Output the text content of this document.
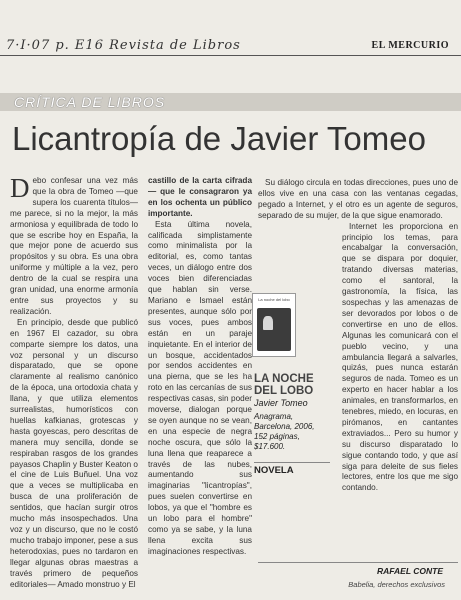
7·I·07 p. E16 Revista de Libros	EL MERCURIO
CRÍTICA DE LIBROS
Licantropía de Javier Tomeo

Debo confesar una vez más que la obra de Tomeo —que supera los cuarenta títulos— me parece, si no la mejor, la más armoniosa y equilibrada de todo lo que se escribe hoy en España, la que mejor pone de acuerdo sus propósitos y su obra. Es una obra uniforme y múltiple a la vez, pero dentro de la cual se respira una gran unidad, una enorme armonía entre sus proyectos y su realización.

En principio, desde que publicó en 1967 El cazador, su obra comparte siempre los datos, una voz personal y un discurso disparatado, que se opone claramente al realismo canónico de la época, una ortodoxia chata y llana, y que utiliza elementos surrealistas, humorísticos con huellas kafkianas, grotescas y hasta goyescas, pero descritas de manera muy sencilla, donde se respiraban rasgos de los grandes payasos Chaplin y Buster Keaton o el cine de Luis Buñuel. Una voz que a veces se multiplicaba en busca de una proliferación de sentidos, que hacían surgir otros mucho más insospechados. Una voz y un discurso, que no le costó mucho trabajo imponer, pese a sus heterodoxias, pues no tardaron en llegar algunas obras maestras a través primero de pequeños editoriales— Amado monstruo y El

castillo de la carta cifrada— que le consagraron ya en los ochenta un público importante.

Esta última novela, calificada simplistamente como minimalista por la editorial, es, como tantas veces, un diálogo entre dos voces bien diferenciadas que hablan sin verse. Mariano e Ismael están presentes, aunque sólo por sus voces, pues ambos están en un paraje inquietante. En el interior de un bosque, accidentados por sendos accidentes en una pierna, que se les ha roto en las cercanías de sus respectivas casas, sin poder moverse, dialogan porque se oyen aunque no se vean, en una especie de negra noche oscura, que sólo la luna llena que reaparece a través de las nubes, aumentando sus imaginarias "licantropías", pues suelen convertirse en lobos, ya que el "hombre es un lobo para el hombre" como ya se sabe, y la luna llena excita sus imaginaciones respectivas.

La noche del lobo
LA NOCHE DEL LOBO
Javier Tomeo
Anagrama, Barcelona, 2006, 152 páginas, $17.600.
NOVELA

Su diálogo circula en todas direcciones, pues uno de ellos vive en una casa con las ventanas cegadas, pegado a Internet, y el otro es un agente de seguros, separado de su mujer, de la que sigue enamorado.

Internet les proporciona en principio los temas, para encabalgar la conversación, que se dispara por doquier, tratando diversas materias, como el santoral, la gastronomía, la física, las sospechas y las amenazas de ser devorados por lobos o de convertirse en uno de ellos. Algunas les comunicará con el pueblo vecino, y una ambulancia llegará a salvarles, quizás, pues nunca estarán seguros de nada. Tomeo es un experto en hacer hablar a los animales, en transformarlos, en tenebres, miedo, en locuras, en pirómanos, en cantantes extraviados... Pero su humor y su discurso disparatado lo sigue contando todo, y que así siga para deleite de sus fieles lectores, entre los que me sigo contando.

RAFAEL CONTE
Babelia, derechos exclusivos
